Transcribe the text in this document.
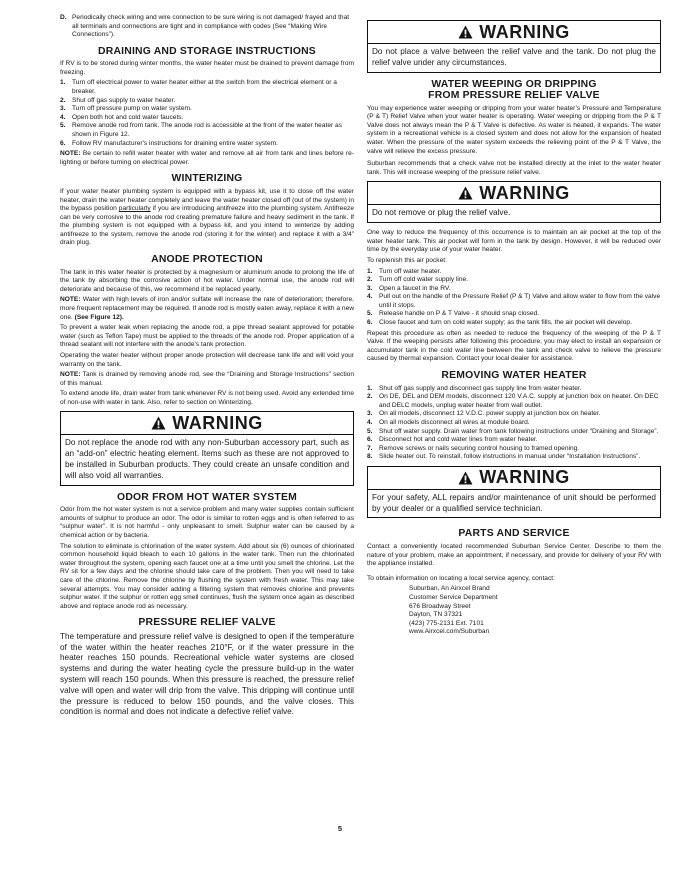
D. Periodically check wiring and wire connection to be sure wiring is not damaged/ frayed and that all terminals and connections are tight and in compliance with codes (See “Making Wire Connections”).
DRAINING AND STORAGE INSTRUCTIONS

If RV is to be stored during winter months, the water heater must be drained to prevent damage from freezing.

1. Turn off electrical power to water heater either at the switch from the electrical element or a breaker.
2. Shut off gas supply to water heater.
3. Turn off pressure pump on water system.
4. Open both hot and cold water faucets.
5. Remove anode rod from tank. The anode rod is accessible at the front of the water heater as shown in Figure 12.
6. Follow RV manufacturer's instructions for draining entire water system.

NOTE: Be certain to refill water heater with water and remove all air from tank and lines before re-lighting or before turning on electrical power.

WINTERIZING

If your water heater plumbing system is equipped with a bypass kit, use it to close off the water heater, drain the water heater completely and leave the water heater closed off (out of the system) in the bypass position particularly if you are introducing antifreeze into the plumbing system. Antifreeze can be very corrosive to the anode rod creating premature failure and heavy sediment in the tank. If the plumbing system is not equipped with a bypass kit, and you intend to winterize by adding antifreeze to the system, remove the anode rod (storing it for the winter) and replace it with a 3/4” drain plug.

ANODE PROTECTION

The tank in this water heater is protected by a magnesium or aluminum anode to prolong the life of the tank by absorbing the corrosive action of hot water. Under normal use, the anode rod will deteriorate and because of this, we recommend it be replaced yearly.

NOTE: Water with high levels of iron and/or sulfate will increase the rate of deterioration; therefore, more frequent replacement may be required. If anode rod is mostly eaten away, replace it with a new one. (See Figure 12).

To prevent a water leak when replacing the anode rod, a pipe thread sealant approved for potable water (such as Teflon Tape) must be applied to the threads of the anode rod. Proper application of a thread sealant will not interfere with the anode’s tank protection.

Operating the water heater without proper anode protection will decrease tank life and will void your warranty on the tank.

NOTE: Tank is drained by removing anode rod, see the “Draining and Storage Instructions” section of this manual.

To extend anode life, drain water from tank whenever RV is not being used. Avoid any extended time of non-use with water in tank. Also, refer to section on Winterizing.

WARNING

Do not replace the anode rod with any non-Suburban accessory part, such as an “add-on” electric heating element. Items such as these are not approved to be installed in Suburban products. They could create an unsafe condition and will also void all warranties.

ODOR FROM HOT WATER SYSTEM

Odor from the hot water system is not a service problem and many water supplies contain sufficient amounts of sulphur to produce an odor. The odor is similar to rotten eggs and is often referred to as “sulphur water”. It is not harmful - only unpleasant to smell. Sulphur water can be caused by a chemical action or by bacteria.

The solution to eliminate is chlorination of the water system. Add about six (6) ounces of chlorinated common household liquid bleach to each 10 gallons in the water tank. Then run the chlorinated water throughout the system, opening each faucet one at a time until you smell the chlorine. Let the RV sit for a few days and the chlorine should take care of the problem. Then you will need to take care of the chlorine. Remove the chlorine by flushing the system with fresh water. This may take several attempts. You may consider adding a filtering system that removes chlorine and prevents sulphur water. If the sulphur or rotten egg smell continues, flush the system once again as described above and replace anode rod as necessary.

PRESSURE RELIEF VALVE

The temperature and pressure relief valve is designed to open if the temperature of the water within the heater reaches 210°F, or if the water pressure in the heater reaches 150 pounds. Recreational vehicle water systems are closed systems and during the water heating cycle the pressure build-up in the water system will reach 150 pounds. When this pressure is reached, the pressure relief valve will open and water will drip from the valve. This dripping will continue until the pressure is reduced to below 150 pounds, and the valve closes. This condition is normal and does not indicate a defective relief valve.

WARNING

Do not place a valve between the relief valve and the tank. Do not plug the relief valve under any circumstances.

WATER WEEPING OR DRIPPING
FROM PRESSURE RELIEF VALVE

You may experience water weeping or dripping from your water heater’s Pressure and Temperature (P & T) Relief Valve when your water heater is operating. Water weeping or dripping from the P & T Valve does not always mean the P & T Valve is defective. As water is heated, it expands. The water system in a recreational vehicle is a closed system and does not allow for the expansion of heated water. When the pressure of the water system exceeds the relieving point of the P & T Valve, the valve will relieve the excess pressure.

Suburban recommends that a check valve not be installed directly at the inlet to the water heater tank. This will increase weeping of the pressure relief valve.

WARNING

Do not remove or plug the relief valve.

One way to reduce the frequency of this occurrence is to maintain an air pocket at the top of the water heater tank. This air pocket will form in the tank by design. However, it will be reduced over time by the everyday use of your water heater.

To replenish this air pocket:

1. Turn off water heater.
2. Turn off cold water supply line.
3. Open a faucet in the RV.
4. Pull out on the handle of the Pressure Relief (P & T) Valve and allow water to flow from the valve until it stops.
5. Release handle on P & T Valve - it should snap closed.
6. Close faucet and turn on cold water supply; as the tank fills, the air pocket will develop.

Repeat this procedure as often as needed to reduce the frequency of the weeping of the P & T Valve. If the weeping persists after following this procedure, you may elect to install an expansion or accumulator tank in the cold water line between the tank and check valve to relieve the pressure caused by thermal expansion. Contact your local dealer for assistance.

REMOVING WATER HEATER
1. Shut off gas supply and disconnect gas supply line from water heater.
2. On DE, DEL and DEM models, disconnect 120 V.A.C. supply at junction box on heater. On DEC and DELC models, unplug water heater from wall outlet.
3. On all models, disconnect 12 V.D.C. power supply at junction box on heater.
4. On all models disconnect all wires at module board.
5. Shut off water supply. Drain water from tank following instructions under “Draining and Storage”.
6. Disconnect hot and cold water lines from water heater.
7. Remove screws or nails securing control housing to framed opening.
8. Slide heater out. To reinstall, follow instructions in manual under “Installation Instructions”.
WARNING

For your safety, ALL repairs and/or maintenance of unit should be performed by your dealer or a qualified service technician.

PARTS AND SERVICE

Contact a conveniently located recommended Suburban Service Center. Describe to them the nature of your problem, make an appointment, if necessary, and provide for delivery of your RV with the appliance installed.

To obtain information on locating a local service agency, contact:

Suburban, An Airxcel Brand
Customer Service Department
676 Broadway Street
Dayton, TN 37321
(423) 775-2131 Ext. 7101
www.Airxcel.com/Suburban
5
